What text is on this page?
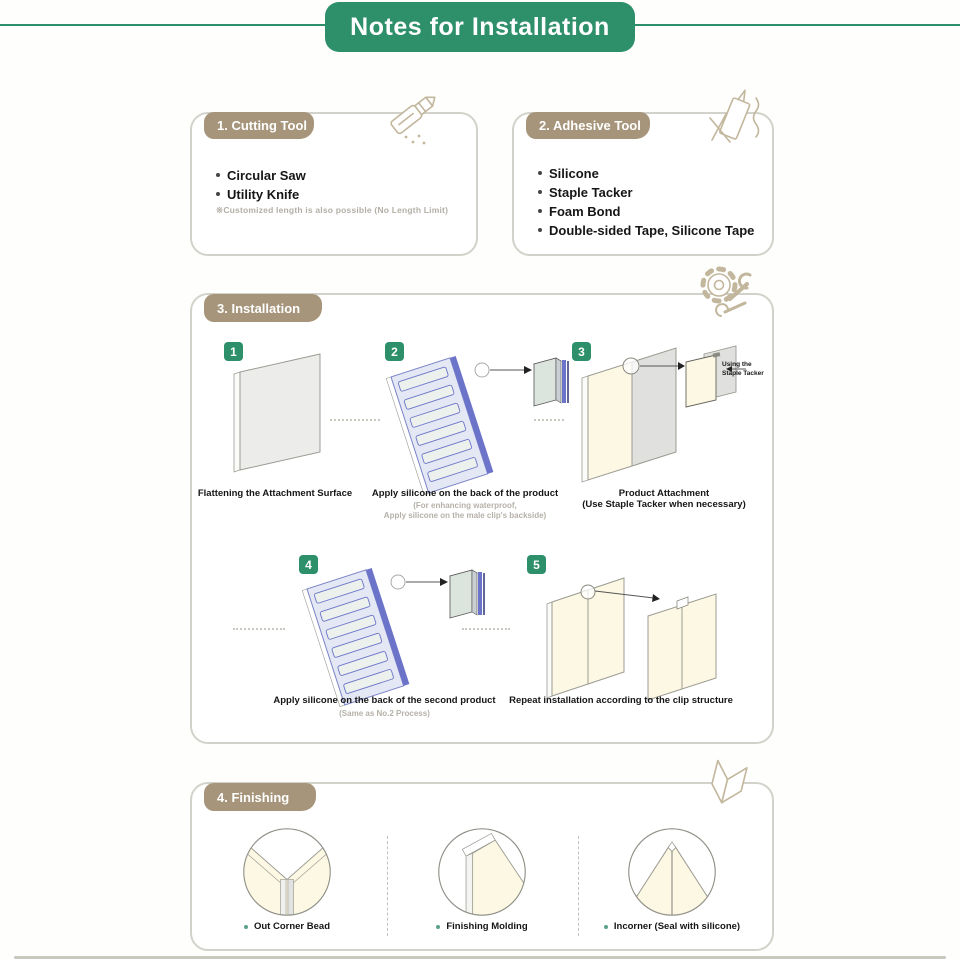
Notes for Installation
Circular Saw
Utility Knife
※Customized length is also possible (No Length Limit)
1. Cutting Tool
Silicone
Staple Tacker
Foam Bond
Double-sided Tape, Silicone Tape
2. Adhesive Tool
3. Installation
1	2	3
Using the Staple Tacker
Flattening the Attachment Surface	Apply silicone on the back of the product
(For enhancing waterproof,
Apply silicone on the male clip's backside)
Product Attachment
(Use Staple Tacker when necessary)
4	5
Apply silicone on the back of the second product
(Same as No.2 Process)
Repeat installation according to the clip structure
4. Finishing
Out Corner Bead	Finishing Molding	Incorner (Seal with silicone)
